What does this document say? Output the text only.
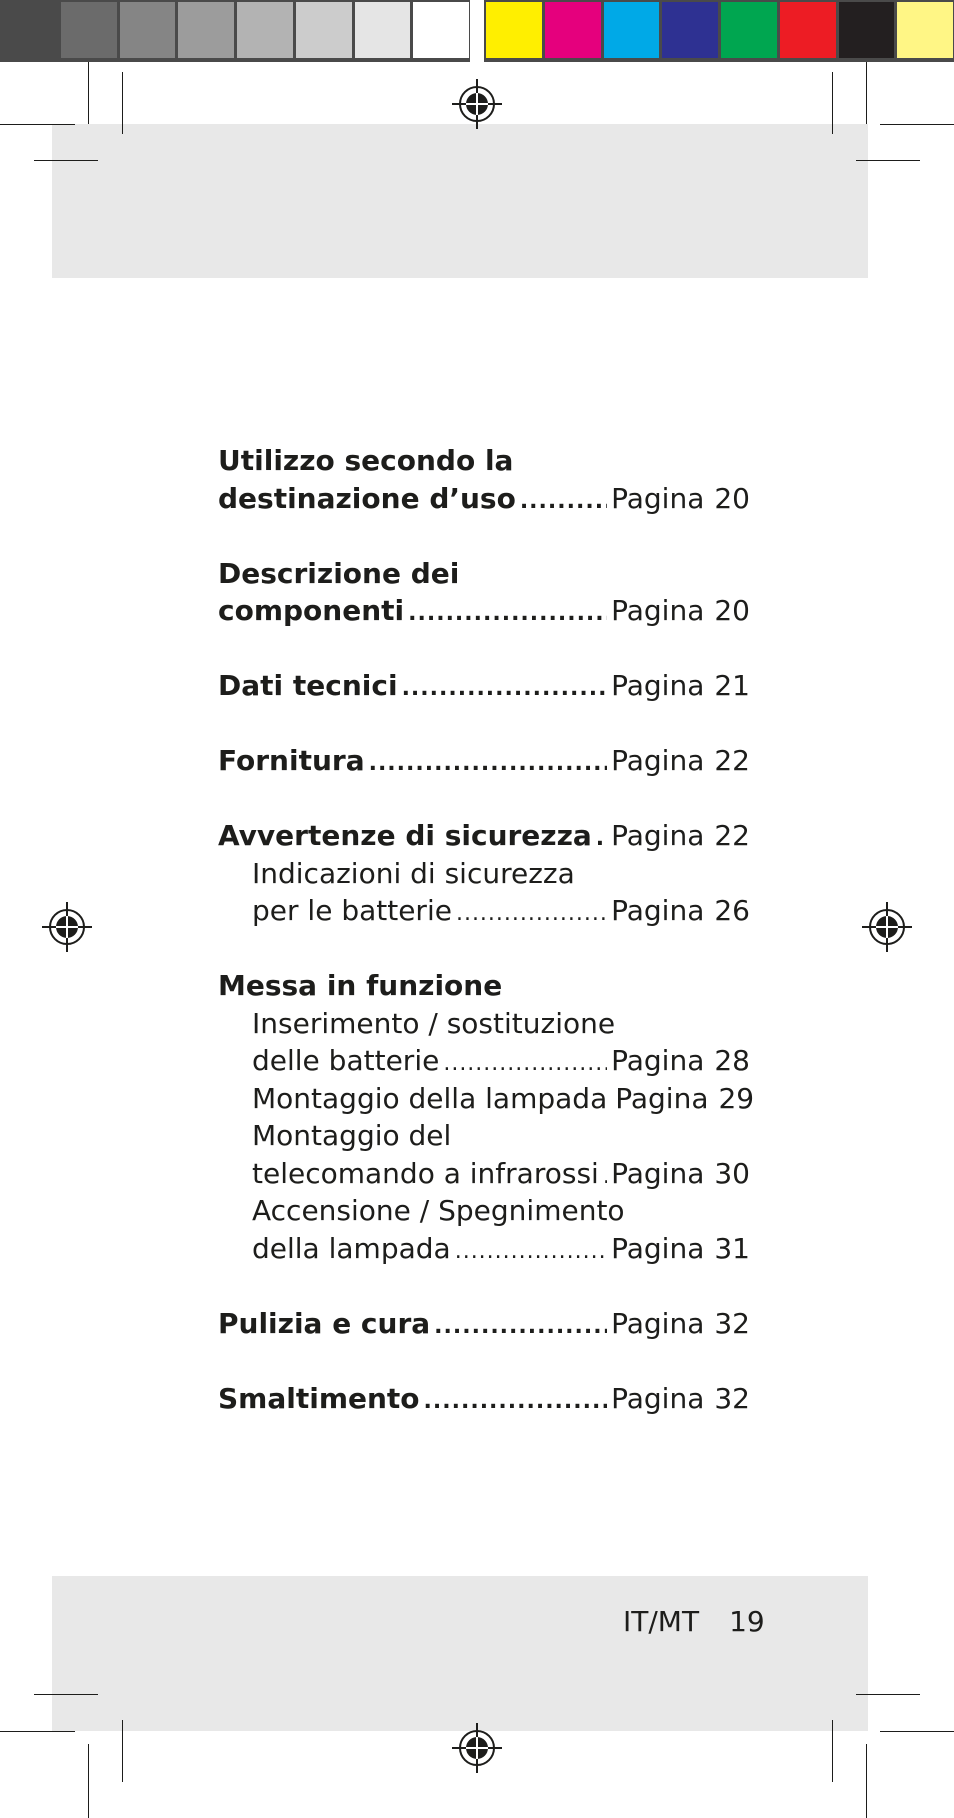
Utilizzo secondo la
destinazione d’uso .....	Pagina 20
Descrizione dei
componenti .....	Pagina 20
Dati tecnici .....	Pagina 21
Fornitura .....	Pagina 22
Avvertenze di sicurezza ..... Pagina 22
Indicazioni di sicurezza
per le batterie .....	Pagina 26
Messa in funzione
Inserimento / sostituzione
delle batterie .....	Pagina 28
Montaggio della lampada Pagina 29
Montaggio del
telecomando a infrarossi ..... Pagina 30
Accensione / Spegnimento
della lampada .....	Pagina 31
Pulizia e cura .....	Pagina 32
Smaltimento .....	Pagina 32
IT/MT 19
